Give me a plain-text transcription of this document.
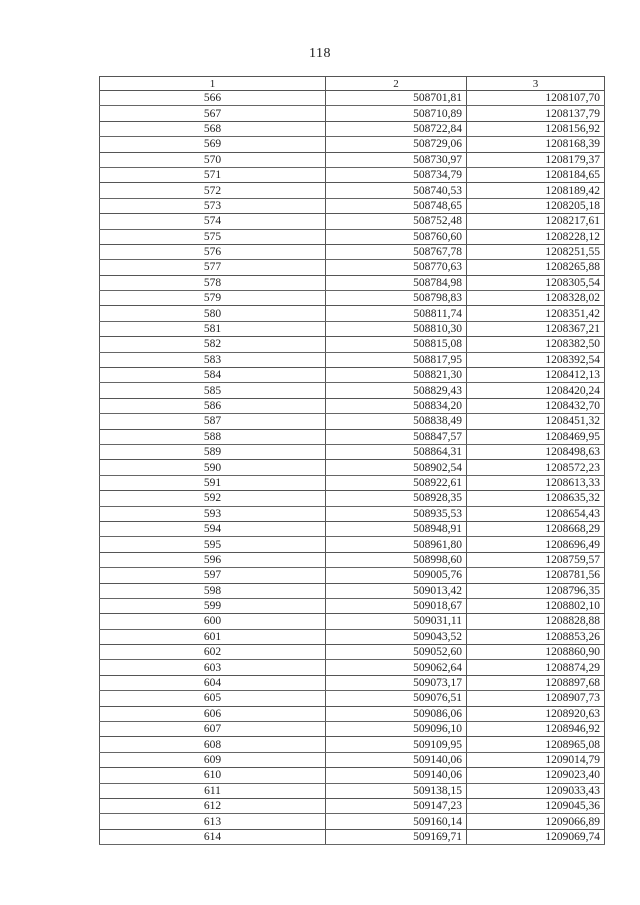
118
1	2	3
566	508701,81	1208107,70
567	508710,89	1208137,79
568	508722,84	1208156,92
569	508729,06	1208168,39
570	508730,97	1208179,37
571	508734,79	1208184,65
572	508740,53	1208189,42
573	508748,65	1208205,18
574	508752,48	1208217,61
575	508760,60	1208228,12
576	508767,78	1208251,55
577	508770,63	1208265,88
578	508784,98	1208305,54
579	508798,83	1208328,02
580	508811,74	1208351,42
581	508810,30	1208367,21
582	508815,08	1208382,50
583	508817,95	1208392,54
584	508821,30	1208412,13
585	508829,43	1208420,24
586	508834,20	1208432,70
587	508838,49	1208451,32
588	508847,57	1208469,95
589	508864,31	1208498,63
590	508902,54	1208572,23
591	508922,61	1208613,33
592	508928,35	1208635,32
593	508935,53	1208654,43
594	508948,91	1208668,29
595	508961,80	1208696,49
596	508998,60	1208759,57
597	509005,76	1208781,56
598	509013,42	1208796,35
599	509018,67	1208802,10
600	509031,11	1208828,88
601	509043,52	1208853,26
602	509052,60	1208860,90
603	509062,64	1208874,29
604	509073,17	1208897,68
605	509076,51	1208907,73
606	509086,06	1208920,63
607	509096,10	1208946,92
608	509109,95	1208965,08
609	509140,06	1209014,79
610	509140,06	1209023,40
611	509138,15	1209033,43
612	509147,23	1209045,36
613	509160,14	1209066,89
614	509169,71	1209069,74
